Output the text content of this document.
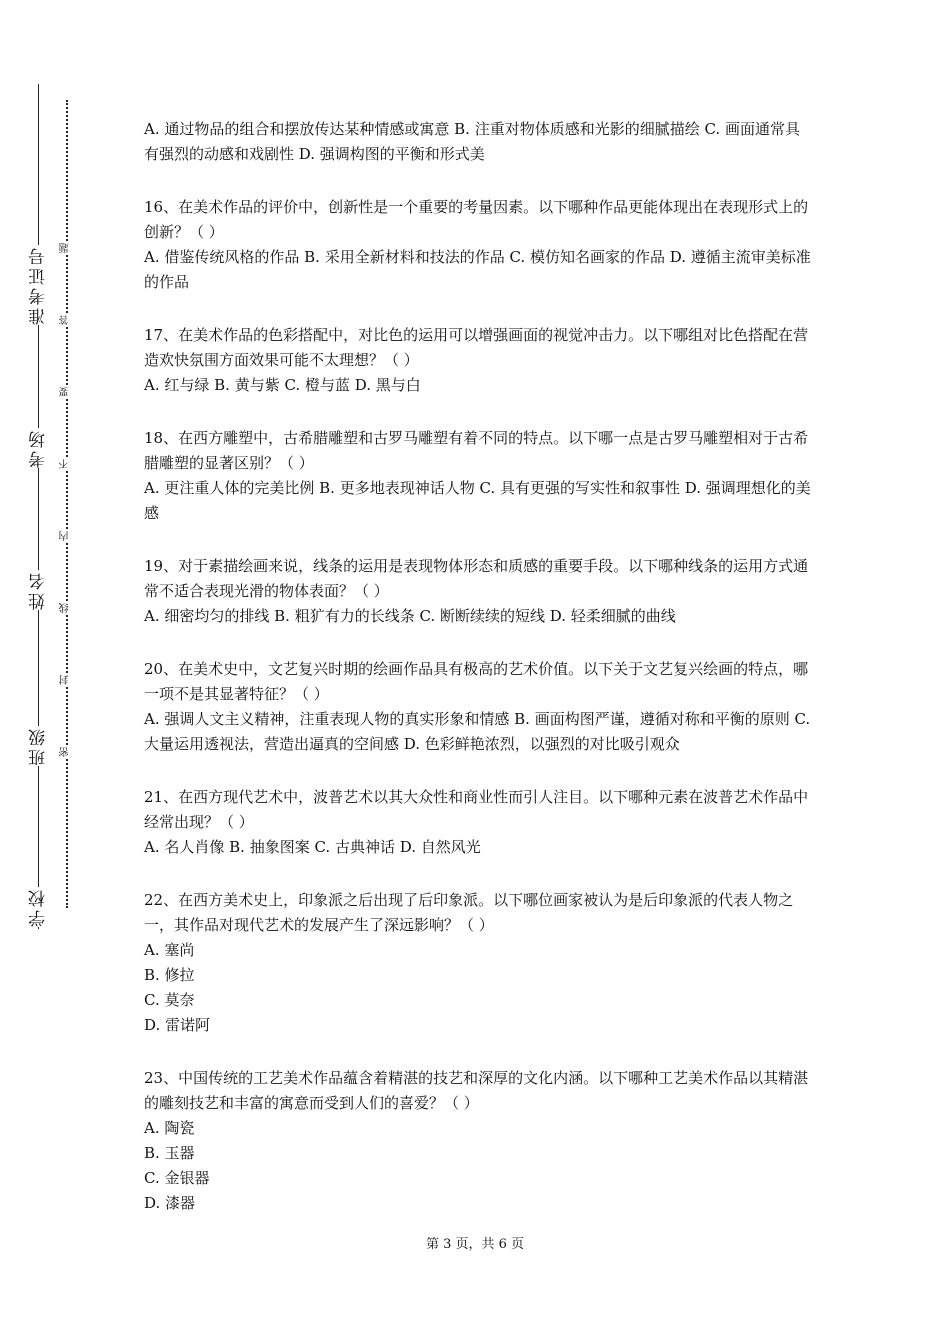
准考证号
考场
姓名
班级
学校
题
答
要
不
内
线
封
密

A. 通过物品的组合和摆放传达某种情感或寓意 B. 注重对物体质感和光影的细腻描绘 C. 画面通常具有强烈的动感和戏剧性 D. 强调构图的平衡和形式美

16、在美术作品的评价中，创新性是一个重要的考量因素。以下哪种作品更能体现出在表现形式上的创新？（ ）

A. 借鉴传统风格的作品 B. 采用全新材料和技法的作品 C. 模仿知名画家的作品 D. 遵循主流审美标准的作品

17、在美术作品的色彩搭配中，对比色的运用可以增强画面的视觉冲击力。以下哪组对比色搭配在营造欢快氛围方面效果可能不太理想？（ ）

A. 红与绿 B. 黄与紫 C. 橙与蓝 D. 黑与白

18、在西方雕塑中，古希腊雕塑和古罗马雕塑有着不同的特点。以下哪一点是古罗马雕塑相对于古希腊雕塑的显著区别？（ ）

A. 更注重人体的完美比例 B. 更多地表现神话人物 C. 具有更强的写实性和叙事性 D. 强调理想化的美感

19、对于素描绘画来说，线条的运用是表现物体形态和质感的重要手段。以下哪种线条的运用方式通常不适合表现光滑的物体表面？（ ）

A. 细密均匀的排线 B. 粗犷有力的长线条 C. 断断续续的短线 D. 轻柔细腻的曲线

20、在美术史中，文艺复兴时期的绘画作品具有极高的艺术价值。以下关于文艺复兴绘画的特点，哪一项不是其显著特征？（ ）

A. 强调人文主义精神，注重表现人物的真实形象和情感 B. 画面构图严谨，遵循对称和平衡的原则 C. 大量运用透视法，营造出逼真的空间感 D. 色彩鲜艳浓烈，以强烈的对比吸引观众

21、在西方现代艺术中，波普艺术以其大众性和商业性而引人注目。以下哪种元素在波普艺术作品中经常出现？（ ）

A. 名人肖像 B. 抽象图案 C. 古典神话 D. 自然风光

22、在西方美术史上，印象派之后出现了后印象派。以下哪位画家被认为是后印象派的代表人物之一，其作品对现代艺术的发展产生了深远影响？（ ）

A. 塞尚

B. 修拉

C. 莫奈

D. 雷诺阿

23、中国传统的工艺美术作品蕴含着精湛的技艺和深厚的文化内涵。以下哪种工艺美术作品以其精湛的雕刻技艺和丰富的寓意而受到人们的喜爱？（ ）

A. 陶瓷

B. 玉器

C. 金银器

D. 漆器

第 3 页，共 6 页
